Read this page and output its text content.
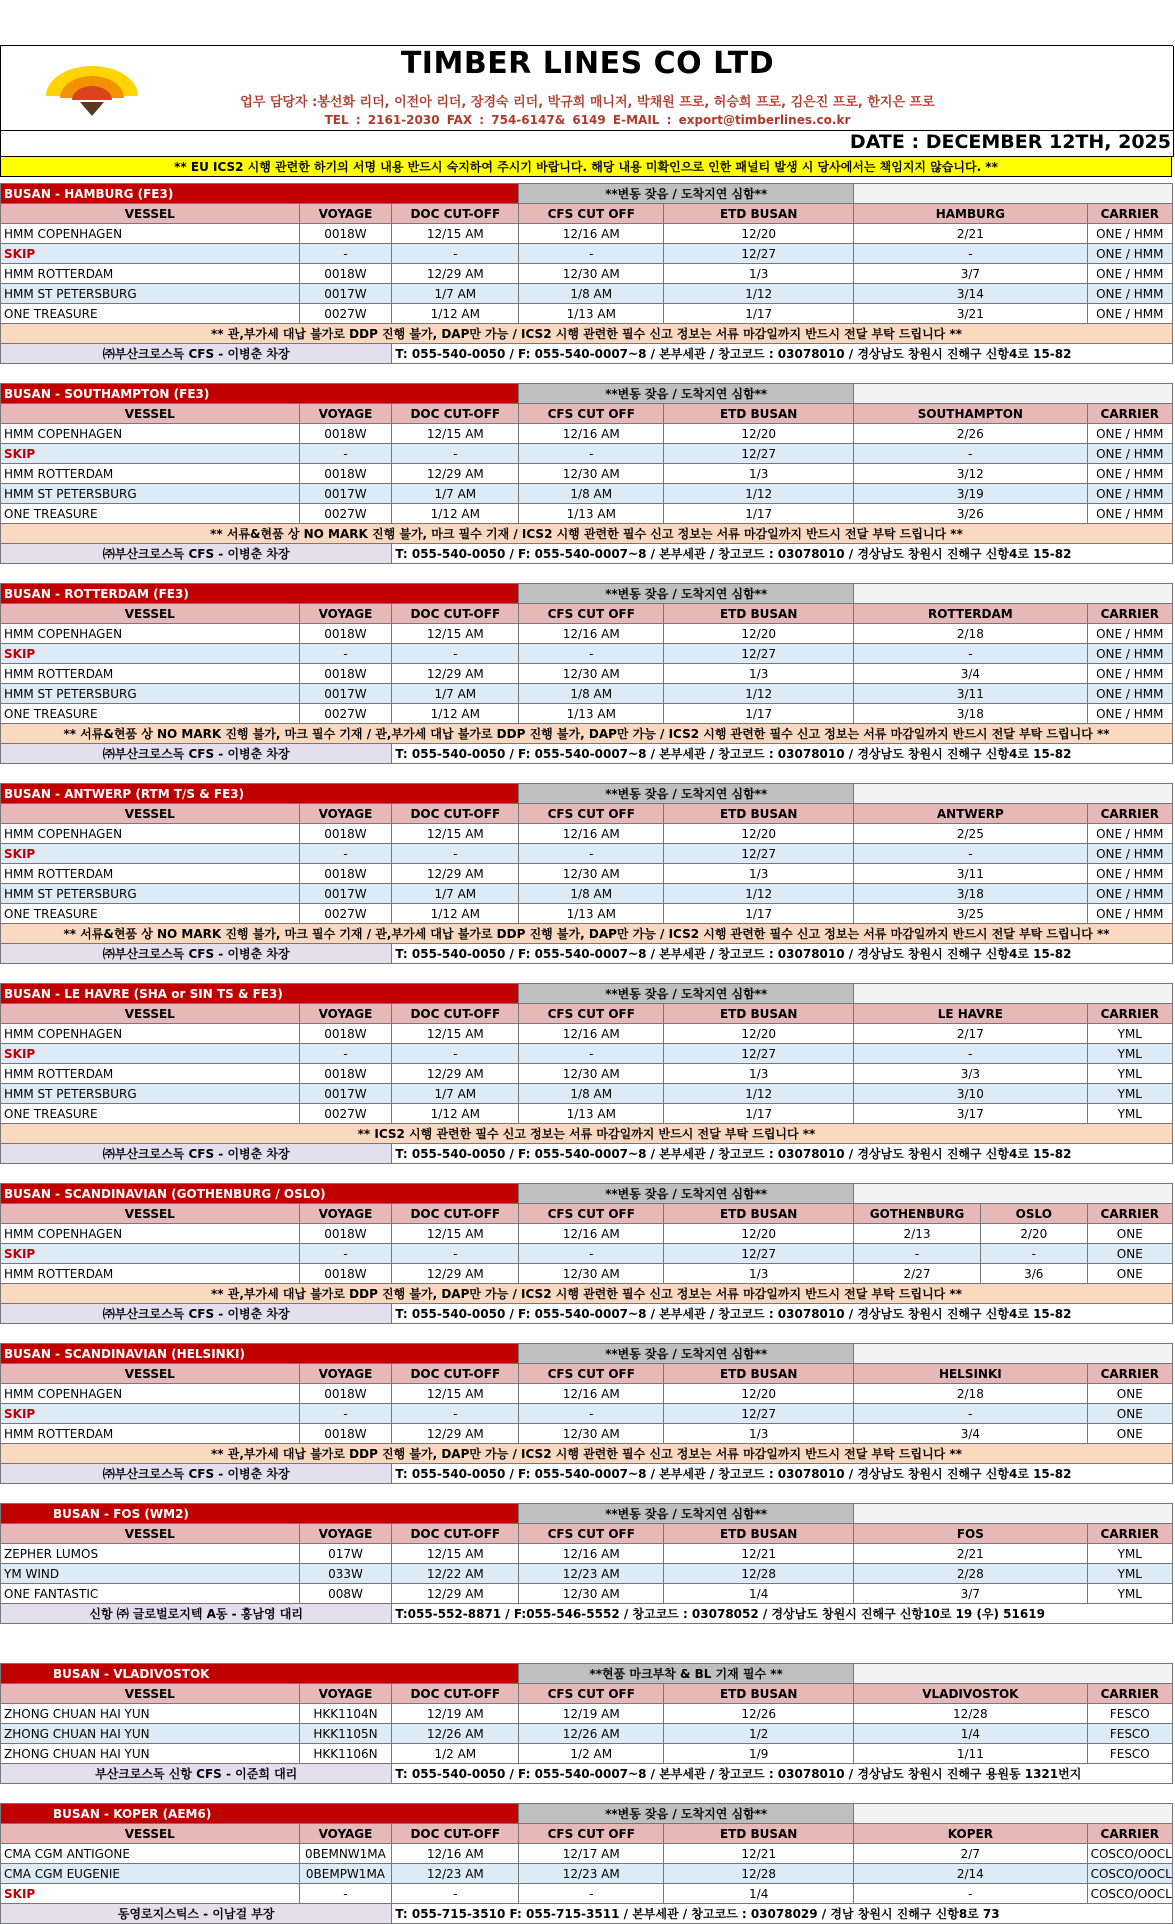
TIMBER LINES CO LTD
업무 담당자 :봉선화 리더, 이전아 리더, 장경숙 리더, 박규희 매니저, 박채원 프로, 허승희 프로, 김은진 프로, 한지은 프로
TEL : 2161-2030 FAX : 754-6147& 6149 E-MAIL : export@timberlines.co.kr
DATE : DECEMBER 12TH, 2025
** EU ICS2 시행 관련한 하기의 서명 내용 반드시 숙지하여 주시기 바랍니다. 해당 내용 미확인으로 인한 패널티 발생 시 당사에서는 책임지지 않습니다. **
BUSAN - HAMBURG (FE3)			**변동 잦음 / 도착지연 심함**			
VESSEL	VOYAGE	DOC CUT-OFF	CFS CUT OFF	ETD BUSAN	HAMBURG	CARRIER
HMM COPENHAGEN	0018W	12/15 AM	12/16 AM	12/20	2/21	ONE / HMM
SKIP	-	-	-	12/27	-	ONE / HMM
HMM ROTTERDAM	0018W	12/29 AM	12/30 AM	1/3	3/7	ONE / HMM
HMM ST PETERSBURG	0017W	1/7 AM	1/8 AM	1/12	3/14	ONE / HMM
ONE TREASURE	0027W	1/12 AM	1/13 AM	1/17	3/21	ONE / HMM
** 관,부가세 대납 불가로 DDP 진행 불가, DAP만 가능 / ICS2 시행 관련한 필수 신고 정보는 서류 마감일까지 반드시 전달 부탁 드립니다 **						
㈜부산크로스독 CFS - 이병춘 차장		T: 055-540-0050 / F: 055-540-0007~8 / 본부세관 / 창고코드 : 03078010 / 경상남도 창원시 진해구 신항4로 15-82				
BUSAN - SOUTHAMPTON (FE3)			**변동 잦음 / 도착지연 심함**			
VESSEL	VOYAGE	DOC CUT-OFF	CFS CUT OFF	ETD BUSAN	SOUTHAMPTON	CARRIER
HMM COPENHAGEN	0018W	12/15 AM	12/16 AM	12/20	2/26	ONE / HMM
SKIP	-	-	-	12/27	-	ONE / HMM
HMM ROTTERDAM	0018W	12/29 AM	12/30 AM	1/3	3/12	ONE / HMM
HMM ST PETERSBURG	0017W	1/7 AM	1/8 AM	1/12	3/19	ONE / HMM
ONE TREASURE	0027W	1/12 AM	1/13 AM	1/17	3/26	ONE / HMM
** 서류&현품 상 NO MARK 진행 불가, 마크 필수 기재 / ICS2 시행 관련한 필수 신고 정보는 서류 마감일까지 반드시 전달 부탁 드립니다 **						
㈜부산크로스독 CFS - 이병춘 차장		T: 055-540-0050 / F: 055-540-0007~8 / 본부세관 / 창고코드 : 03078010 / 경상남도 창원시 진해구 신항4로 15-82				
BUSAN - ROTTERDAM (FE3)			**변동 잦음 / 도착지연 심함**			
VESSEL	VOYAGE	DOC CUT-OFF	CFS CUT OFF	ETD BUSAN	ROTTERDAM	CARRIER
HMM COPENHAGEN	0018W	12/15 AM	12/16 AM	12/20	2/18	ONE / HMM
SKIP	-	-	-	12/27	-	ONE / HMM
HMM ROTTERDAM	0018W	12/29 AM	12/30 AM	1/3	3/4	ONE / HMM
HMM ST PETERSBURG	0017W	1/7 AM	1/8 AM	1/12	3/11	ONE / HMM
ONE TREASURE	0027W	1/12 AM	1/13 AM	1/17	3/18	ONE / HMM
** 서류&현품 상 NO MARK 진행 불가, 마크 필수 기재 / 관,부가세 대납 불가로 DDP 진행 불가, DAP만 가능 / ICS2 시행 관련한 필수 신고 정보는 서류 마감일까지 반드시 전달 부탁 드립니다 **						
㈜부산크로스독 CFS - 이병춘 차장		T: 055-540-0050 / F: 055-540-0007~8 / 본부세관 / 창고코드 : 03078010 / 경상남도 창원시 진해구 신항4로 15-82				
BUSAN - ANTWERP (RTM T/S & FE3)			**변동 잦음 / 도착지연 심함**			
VESSEL	VOYAGE	DOC CUT-OFF	CFS CUT OFF	ETD BUSAN	ANTWERP	CARRIER
HMM COPENHAGEN	0018W	12/15 AM	12/16 AM	12/20	2/25	ONE / HMM
SKIP	-	-	-	12/27	-	ONE / HMM
HMM ROTTERDAM	0018W	12/29 AM	12/30 AM	1/3	3/11	ONE / HMM
HMM ST PETERSBURG	0017W	1/7 AM	1/8 AM	1/12	3/18	ONE / HMM
ONE TREASURE	0027W	1/12 AM	1/13 AM	1/17	3/25	ONE / HMM
** 서류&현품 상 NO MARK 진행 불가, 마크 필수 기재 / 관,부가세 대납 불가로 DDP 진행 불가, DAP만 가능 / ICS2 시행 관련한 필수 신고 정보는 서류 마감일까지 반드시 전달 부탁 드립니다 **						
㈜부산크로스독 CFS - 이병춘 차장		T: 055-540-0050 / F: 055-540-0007~8 / 본부세관 / 창고코드 : 03078010 / 경상남도 창원시 진해구 신항4로 15-82				
BUSAN - LE HAVRE (SHA or SIN TS & FE3)			**변동 잦음 / 도착지연 심함**			
VESSEL	VOYAGE	DOC CUT-OFF	CFS CUT OFF	ETD BUSAN	LE HAVRE	CARRIER
HMM COPENHAGEN	0018W	12/15 AM	12/16 AM	12/20	2/17	YML
SKIP	-	-	-	12/27	-	YML
HMM ROTTERDAM	0018W	12/29 AM	12/30 AM	1/3	3/3	YML
HMM ST PETERSBURG	0017W	1/7 AM	1/8 AM	1/12	3/10	YML
ONE TREASURE	0027W	1/12 AM	1/13 AM	1/17	3/17	YML
** ICS2 시행 관련한 필수 신고 정보는 서류 마감일까지 반드시 전달 부탁 드립니다 **						
㈜부산크로스독 CFS - 이병춘 차장		T: 055-540-0050 / F: 055-540-0007~8 / 본부세관 / 창고코드 : 03078010 / 경상남도 창원시 진해구 신항4로 15-82				
BUSAN - SCANDINAVIAN (GOTHENBURG / OSLO)			**변동 잦음 / 도착지연 심함**				
VESSEL	VOYAGE	DOC CUT-OFF	CFS CUT OFF	ETD BUSAN	GOTHENBURG	OSLO	CARRIER
HMM COPENHAGEN	0018W	12/15 AM	12/16 AM	12/20	2/13	2/20	ONE
SKIP	-	-	-	12/27	-	-	ONE
HMM ROTTERDAM	0018W	12/29 AM	12/30 AM	1/3	2/27	3/6	ONE
** 관,부가세 대납 불가로 DDP 진행 불가, DAP만 가능 / ICS2 시행 관련한 필수 신고 정보는 서류 마감일까지 반드시 전달 부탁 드립니다 **							
㈜부산크로스독 CFS - 이병춘 차장		T: 055-540-0050 / F: 055-540-0007~8 / 본부세관 / 창고코드 : 03078010 / 경상남도 창원시 진해구 신항4로 15-82					
BUSAN - SCANDINAVIAN (HELSINKI)			**변동 잦음 / 도착지연 심함**			
VESSEL	VOYAGE	DOC CUT-OFF	CFS CUT OFF	ETD BUSAN	HELSINKI	CARRIER
HMM COPENHAGEN	0018W	12/15 AM	12/16 AM	12/20	2/18	ONE
SKIP	-	-	-	12/27	-	ONE
HMM ROTTERDAM	0018W	12/29 AM	12/30 AM	1/3	3/4	ONE
** 관,부가세 대납 불가로 DDP 진행 불가, DAP만 가능 / ICS2 시행 관련한 필수 신고 정보는 서류 마감일까지 반드시 전달 부탁 드립니다 **						
㈜부산크로스독 CFS - 이병춘 차장		T: 055-540-0050 / F: 055-540-0007~8 / 본부세관 / 창고코드 : 03078010 / 경상남도 창원시 진해구 신항4로 15-82				
BUSAN - FOS (WM2)			**변동 잦음 / 도착지연 심함**			
VESSEL	VOYAGE	DOC CUT-OFF	CFS CUT OFF	ETD BUSAN	FOS	CARRIER
ZEPHER LUMOS	017W	12/15 AM	12/16 AM	12/21	2/21	YML
YM WIND	033W	12/22 AM	12/23 AM	12/28	2/28	YML
ONE FANTASTIC	008W	12/29 AM	12/30 AM	1/4	3/7	YML
신항 ㈜ 글로벌로지텍 A동 - 홍남영 대리		T:055-552-8871 / F:055-546-5552 / 창고코드 : 03078052 / 경상남도 창원시 진해구 신항10로 19 (우) 51619				
BUSAN - VLADIVOSTOK			**현품 마크부착 & BL 기재 필수 **			
VESSEL	VOYAGE	DOC CUT-OFF	CFS CUT OFF	ETD BUSAN	VLADIVOSTOK	CARRIER
ZHONG CHUAN HAI YUN	HKK1104N	12/19 AM	12/19 AM	12/26	12/28	FESCO
ZHONG CHUAN HAI YUN	HKK1105N	12/26 AM	12/26 AM	1/2	1/4	FESCO
ZHONG CHUAN HAI YUN	HKK1106N	1/2 AM	1/2 AM	1/9	1/11	FESCO
부산크로스독 신항 CFS - 이준희 대리		T: 055-540-0050 / F: 055-540-0007~8 / 본부세관 / 창고코드 : 03078010 / 경상남도 창원시 진해구 용원동 1321번지				
BUSAN - KOPER (AEM6)			**변동 잦음 / 도착지연 심함**			
VESSEL	VOYAGE	DOC CUT-OFF	CFS CUT OFF	ETD BUSAN	KOPER	CARRIER
CMA CGM ANTIGONE	0BEMNW1MA	12/16 AM	12/17 AM	12/21	2/7	COSCO/OOCL
CMA CGM EUGENIE	0BEMPW1MA	12/23 AM	12/23 AM	12/28	2/14	COSCO/OOCL
SKIP	-	-	-	1/4	-	COSCO/OOCL
동영로지스틱스 - 이남걸 부장		T: 055-715-3510 F: 055-715-3511 / 본부세관 / 창고코드 : 03078029 / 경남 창원시 진해구 신항8로 73				
